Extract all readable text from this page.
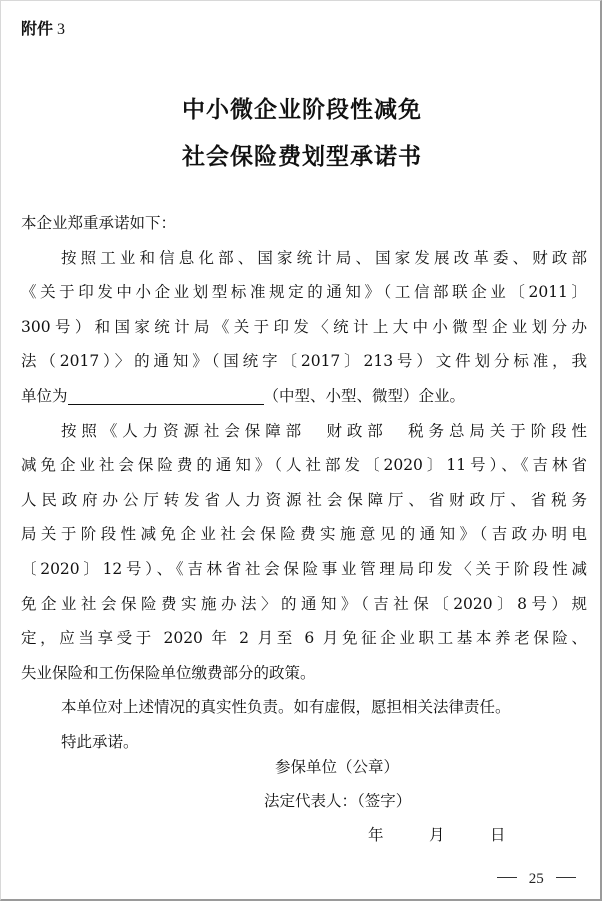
附件 3
中小微企业阶段性减免
社会保险费划型承诺书
本企业郑重承诺如下：
按照工业和信息化部、国家统计局、国家发展改革委、财政部
《关于印发中小企业划型标准规定的通知》（工信部联企业〔2011〕
300号）和国家统计局《关于印发〈统计上大中小微型企业划分办
法（2017）〉的通知》（国统字〔2017〕213号）文件划分标准，我
单位为	（中型、小型、微型）企业。
按照《人力资源社会保障部　财政部　税务总局关于阶段性
减免企业社会保险费的通知》（人社部发〔2020〕11号）、《吉林省
人民政府办公厅转发省人力资源社会保障厅、省财政厅、省税务
局关于阶段性减免企业社会保险费实施意见的通知》（吉政办明电
〔2020〕12号）、《吉林省社会保险事业管理局印发〈关于阶段性减
免企业社会保险费实施办法〉的通知》（吉社保〔2020〕8号）规
定，应当享受于 2020 年 2 月至 6 月免征企业职工基本养老保险、
失业保险和工伤保险单位缴费部分的政策。
本单位对上述情况的真实性负责。如有虚假，愿担相关法律责任。
特此承诺。
参保单位（公章）
法定代表人：（签字）
年	月	日
25
